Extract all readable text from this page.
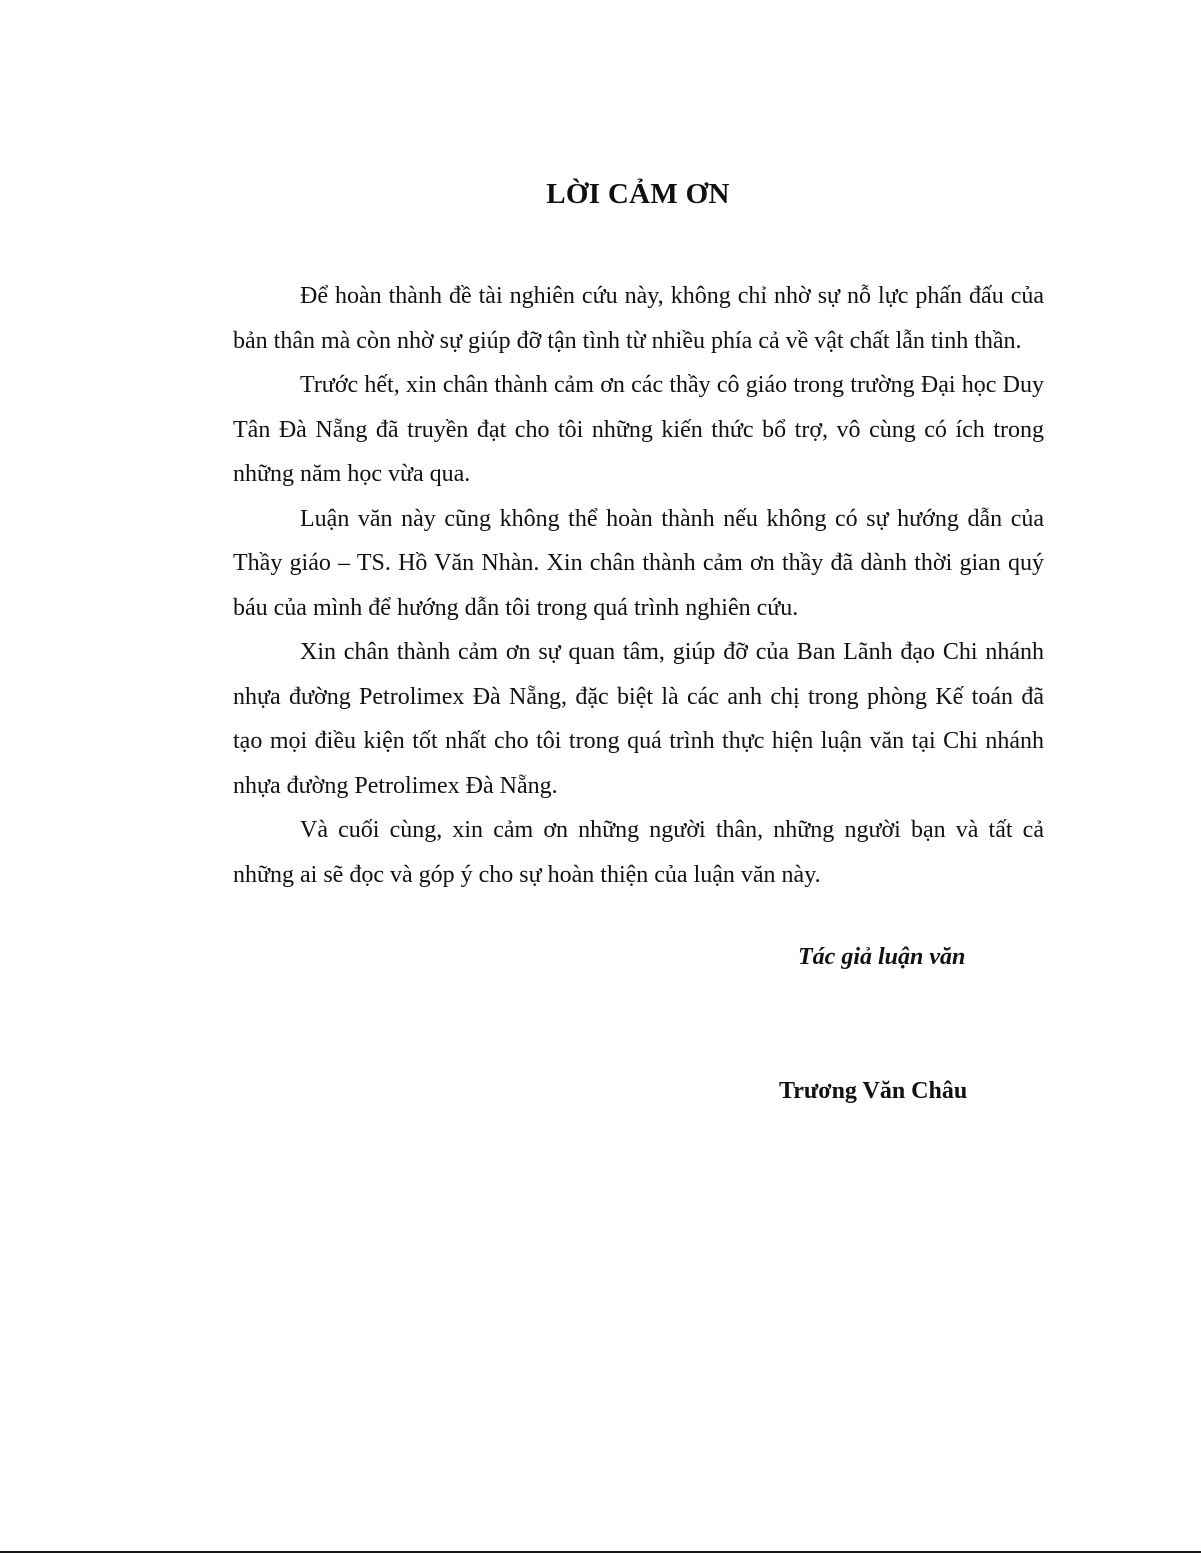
LỜI CẢM ƠN

Để hoàn thành đề tài nghiên cứu này, không chỉ nhờ sự nỗ lực phấn đấu của bản thân mà còn nhờ sự giúp đỡ tận tình từ nhiều phía cả về vật chất lẫn tinh thần.

Trước hết, xin chân thành cảm ơn các thầy cô giáo trong trường Đại học Duy Tân Đà Nẵng đã truyền đạt cho tôi những kiến thức bổ trợ, vô cùng có ích trong những năm học vừa qua.

Luận văn này cũng không thể hoàn thành nếu không có sự hướng dẫn của Thầy giáo – TS. Hồ Văn Nhàn. Xin chân thành cảm ơn thầy đã dành thời gian quý báu của mình để hướng dẫn tôi trong quá trình nghiên cứu.

Xin chân thành cảm ơn sự quan tâm, giúp đỡ của Ban Lãnh đạo Chi nhánh nhựa đường Petrolimex Đà Nẵng, đặc biệt là các anh chị trong phòng Kế toán đã tạo mọi điều kiện tốt nhất cho tôi trong quá trình thực hiện luận văn tại Chi nhánh nhựa đường Petrolimex Đà Nẵng.

Và cuối cùng, xin cảm ơn những người thân, những người bạn và tất cả những ai sẽ đọc và góp ý cho sự hoàn thiện của luận văn này.

Tác giả luận văn
Trương Văn Châu
